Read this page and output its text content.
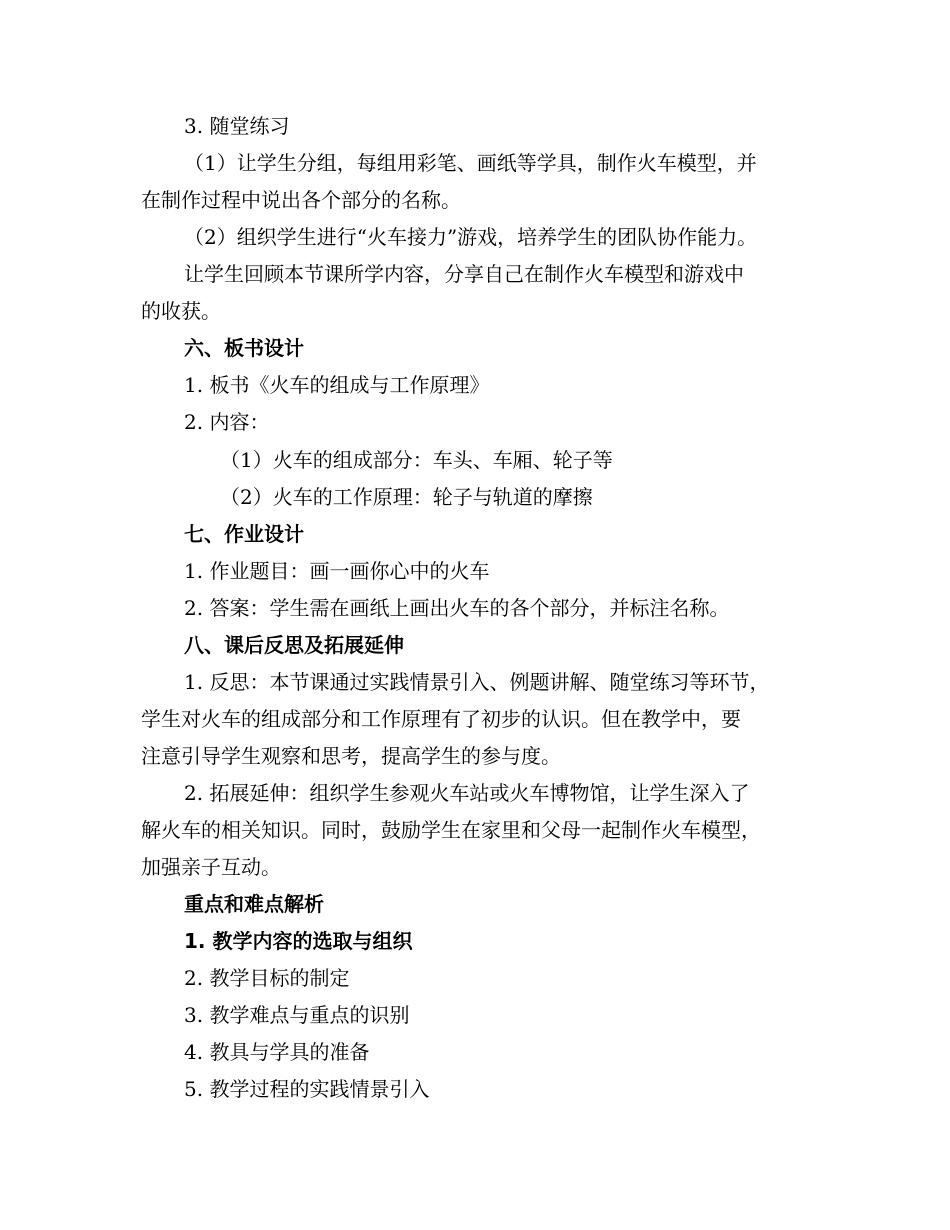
3. 随堂练习
（1）让学生分组，每组用彩笔、画纸等学具，制作火车模型，并
在制作过程中说出各个部分的名称。
（2）组织学生进行“火车接力”游戏，培养学生的团队协作能力。
让学生回顾本节课所学内容，分享自己在制作火车模型和游戏中
的收获。
六、板书设计
1. 板书《火车的组成与工作原理》
2. 内容：
（1）火车的组成部分：车头、车厢、轮子等
（2）火车的工作原理：轮子与轨道的摩擦
七、作业设计
1. 作业题目：画一画你心中的火车
2. 答案：学生需在画纸上画出火车的各个部分，并标注名称。
八、课后反思及拓展延伸
1. 反思：本节课通过实践情景引入、例题讲解、随堂练习等环节，
学生对火车的组成部分和工作原理有了初步的认识。但在教学中，要
注意引导学生观察和思考，提高学生的参与度。
2. 拓展延伸：组织学生参观火车站或火车博物馆，让学生深入了
解火车的相关知识。同时，鼓励学生在家里和父母一起制作火车模型，
加强亲子互动。
重点和难点解析
1. 教学内容的选取与组织
2. 教学目标的制定
3. 教学难点与重点的识别
4. 教具与学具的准备
5. 教学过程的实践情景引入
